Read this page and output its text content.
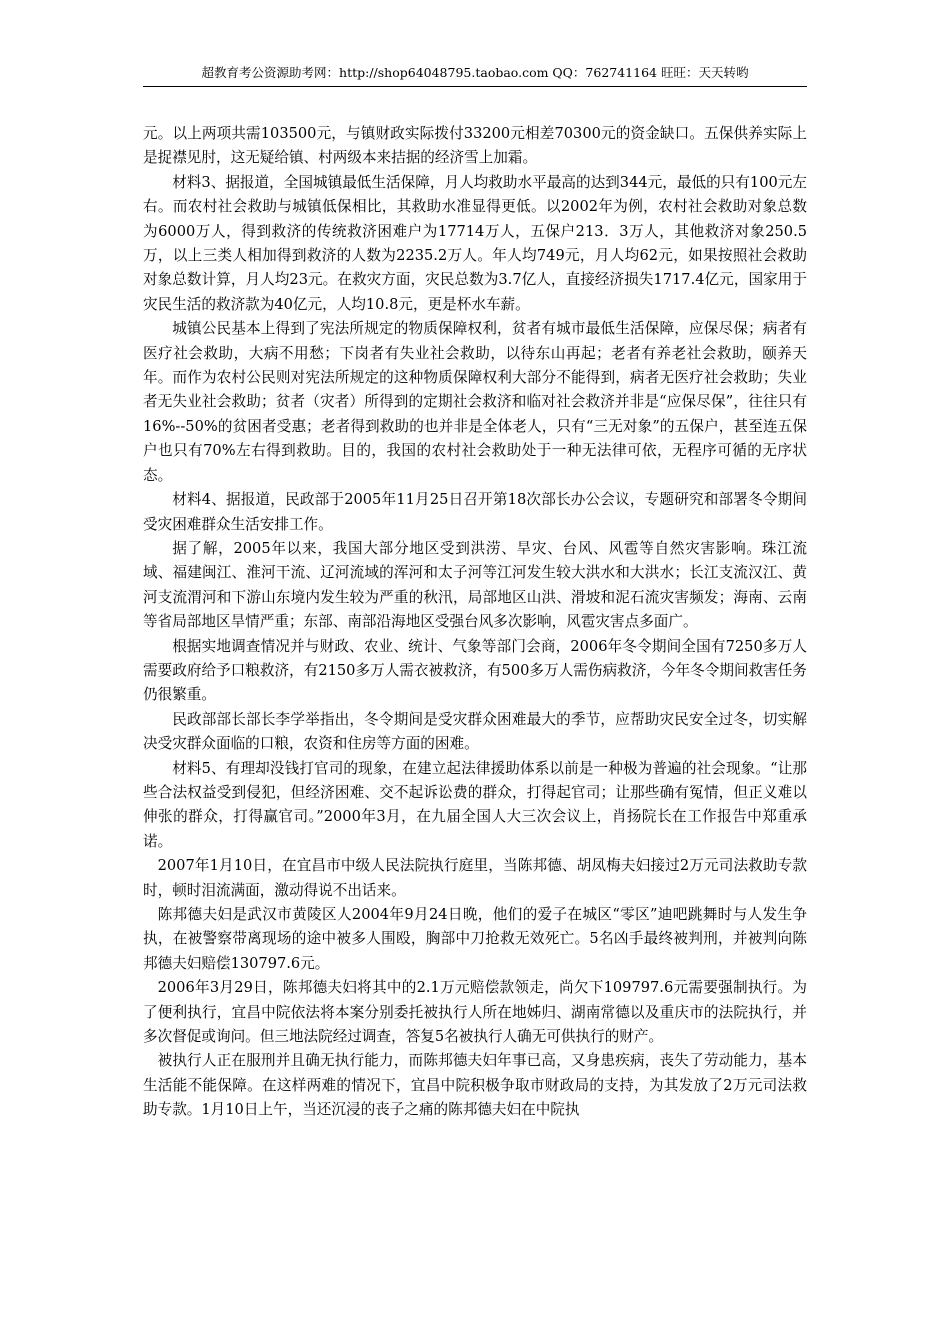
超教育考公资源助考网：http://shop64048795.taobao.com QQ：762741164 旺旺：天天转哟

元。以上两项共需103500元，与镇财政实际拨付33200元相差70300元的资金缺口。五保供养实际上是捉襟见肘，这无疑给镇、村两级本来拮据的经济雪上加霜。

材料3、据报道，全国城镇最低生活保障，月人均救助水平最高的达到344元，最低的只有100元左右。而农村社会救助与城镇低保相比，其救助水准显得更低。以2002年为例，农村社会救助对象总数为6000万人，得到救济的传统救济困难户为17714万人，五保户213．3万人，其他救济对象250.5万，以上三类人相加得到救济的人数为2235.2万人。年人均749元，月人均62元，如果按照社会救助对象总数计算，月人均23元。在救灾方面，灾民总数为3.7亿人，直接经济损失1717.4亿元，国家用于灾民生活的救济款为40亿元，人均10.8元，更是杯水车薪。

城镇公民基本上得到了宪法所规定的物质保障权利，贫者有城市最低生活保障，应保尽保；病者有医疗社会救助，大病不用愁；下岗者有失业社会救助，以待东山再起；老者有养老社会救助，颐养天年。而作为农村公民则对宪法所规定的这种物质保障权利大部分不能得到，病者无医疗社会救助；失业者无失业社会救助；贫者（灾者）所得到的定期社会救济和临对社会救济并非是“应保尽保”，往往只有16%--50%的贫困者受惠；老者得到救助的也并非是全体老人，只有“三无对象”的五保户，甚至连五保户也只有70%左右得到救助。目的，我国的农村社会救助处于一种无法律可依，无程序可循的无序状态。

材料4、据报道，民政部于2005年11月25日召开第18次部长办公会议，专题研究和部署冬令期间受灾困难群众生活安排工作。

据了解，2005年以来，我国大部分地区受到洪涝、旱灾、台风、风雹等自然灾害影响。珠江流域、福建闽江、淮河干流、辽河流域的浑河和太子河等江河发生较大洪水和大洪水；长江支流汉江、黄河支流渭河和下游山东境内发生较为严重的秋汛，局部地区山洪、滑坡和泥石流灾害频发；海南、云南等省局部地区旱情严重；东部、南部沿海地区受强台风多次影响，风雹灾害点多面广。

根据实地调查情况并与财政、农业、统计、气象等部门会商，2006年冬令期间全国有7250多万人需要政府给予口粮救济，有2150多万人需衣被救济，有500多万人需伤病救济，今年冬令期间救害任务仍很繁重。

民政部部长部长李学举指出，冬令期间是受灾群众困难最大的季节，应帮助灾民安全过冬，切实解决受灾群众面临的口粮，农资和住房等方面的困难。

材料5、有理却没钱打官司的现象，在建立起法律援助体系以前是一种极为普遍的社会现象。“让那些合法权益受到侵犯，但经济困难、交不起诉讼费的群众，打得起官司；让那些确有冤情，但正义难以伸张的群众，打得赢官司。”2000年3月，在九届全国人大三次会议上，肖扬院长在工作报告中郑重承诺。

2007年1月10日，在宜昌市中级人民法院执行庭里，当陈邦德、胡凤梅夫妇接过2万元司法救助专款时，顿时泪流满面，激动得说不出话来。

陈邦德夫妇是武汉市黄陵区人2004年9月24日晚，他们的爱子在城区“零区”迪吧跳舞时与人发生争执，在被警察带离现场的途中被多人围殴，胸部中刀抢救无效死亡。5名凶手最终被判刑，并被判向陈邦德夫妇赔偿130797.6元。

2006年3月29日，陈邦德夫妇将其中的2.1万元赔偿款领走，尚欠下109797.6元需要强制执行。为了便利执行，宜昌中院依法将本案分别委托被执行人所在地姊归、湖南常德以及重庆市的法院执行，并多次督促或询问。但三地法院经过调查，答复5名被执行人确无可供执行的财产。

被执行人正在服刑并且确无执行能力，而陈邦德夫妇年事已高，又身患疾病，丧失了劳动能力，基本生活能不能保障。在这样两难的情况下，宜昌中院积极争取市财政局的支持，为其发放了2万元司法救助专款。1月10日上午，当还沉浸的丧子之痛的陈邦德夫妇在中院执
